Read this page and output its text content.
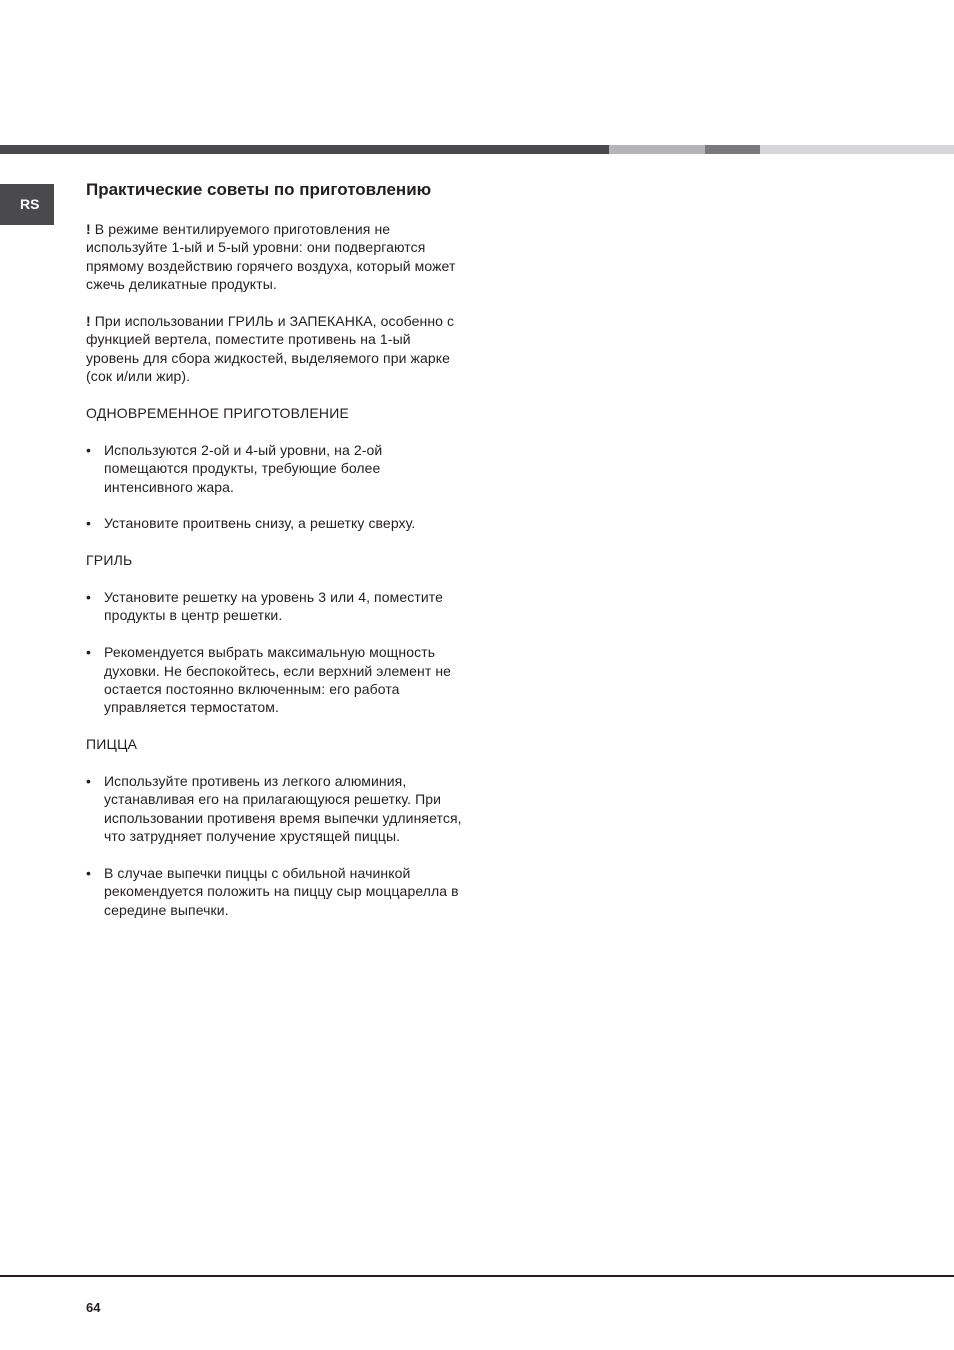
RS
Практические советы по приготовлению

! В режиме вентилируемого приготовления не используйте 1-ый и 5-ый уровни: они подвергаются прямому воздействию горячего воздуха, который может сжечь деликатные продукты.

! При использовании ГРИЛЬ и ЗАПЕКАНКА, особенно с функцией вертела, поместите противень на 1-ый уровень для сбора жидкостей, выделяемого при жарке (сок и/или жир).

ОДНОВРЕМЕННОЕ ПРИГОТОВЛЕНИЕ
• Используются 2-ой и 4-ый уровни, на 2-ой помещаются продукты, требующие более интенсивного жара.
• Установите проитвень снизу, а решетку сверху.
ГРИЛЬ
• Установите решетку на уровень 3 или 4, поместите продукты в центр решетки.
• Рекомендуется выбрать максимальную мощность духовки. Не беспокойтесь, если верхний элемент не остается постоянно включенным: его работа управляется термостатом.
ПИЦЦА
• Используйте противень из легкого алюминия, устанавливая его на прилагающуюся решетку. При использовании противеня время выпечки удлиняется, что затрудняет получение хрустящей пиццы.
• В случае выпечки пиццы с обильной начинкой рекомендуется положить на пиццу сыр моццарелла в середине выпечки.
64
